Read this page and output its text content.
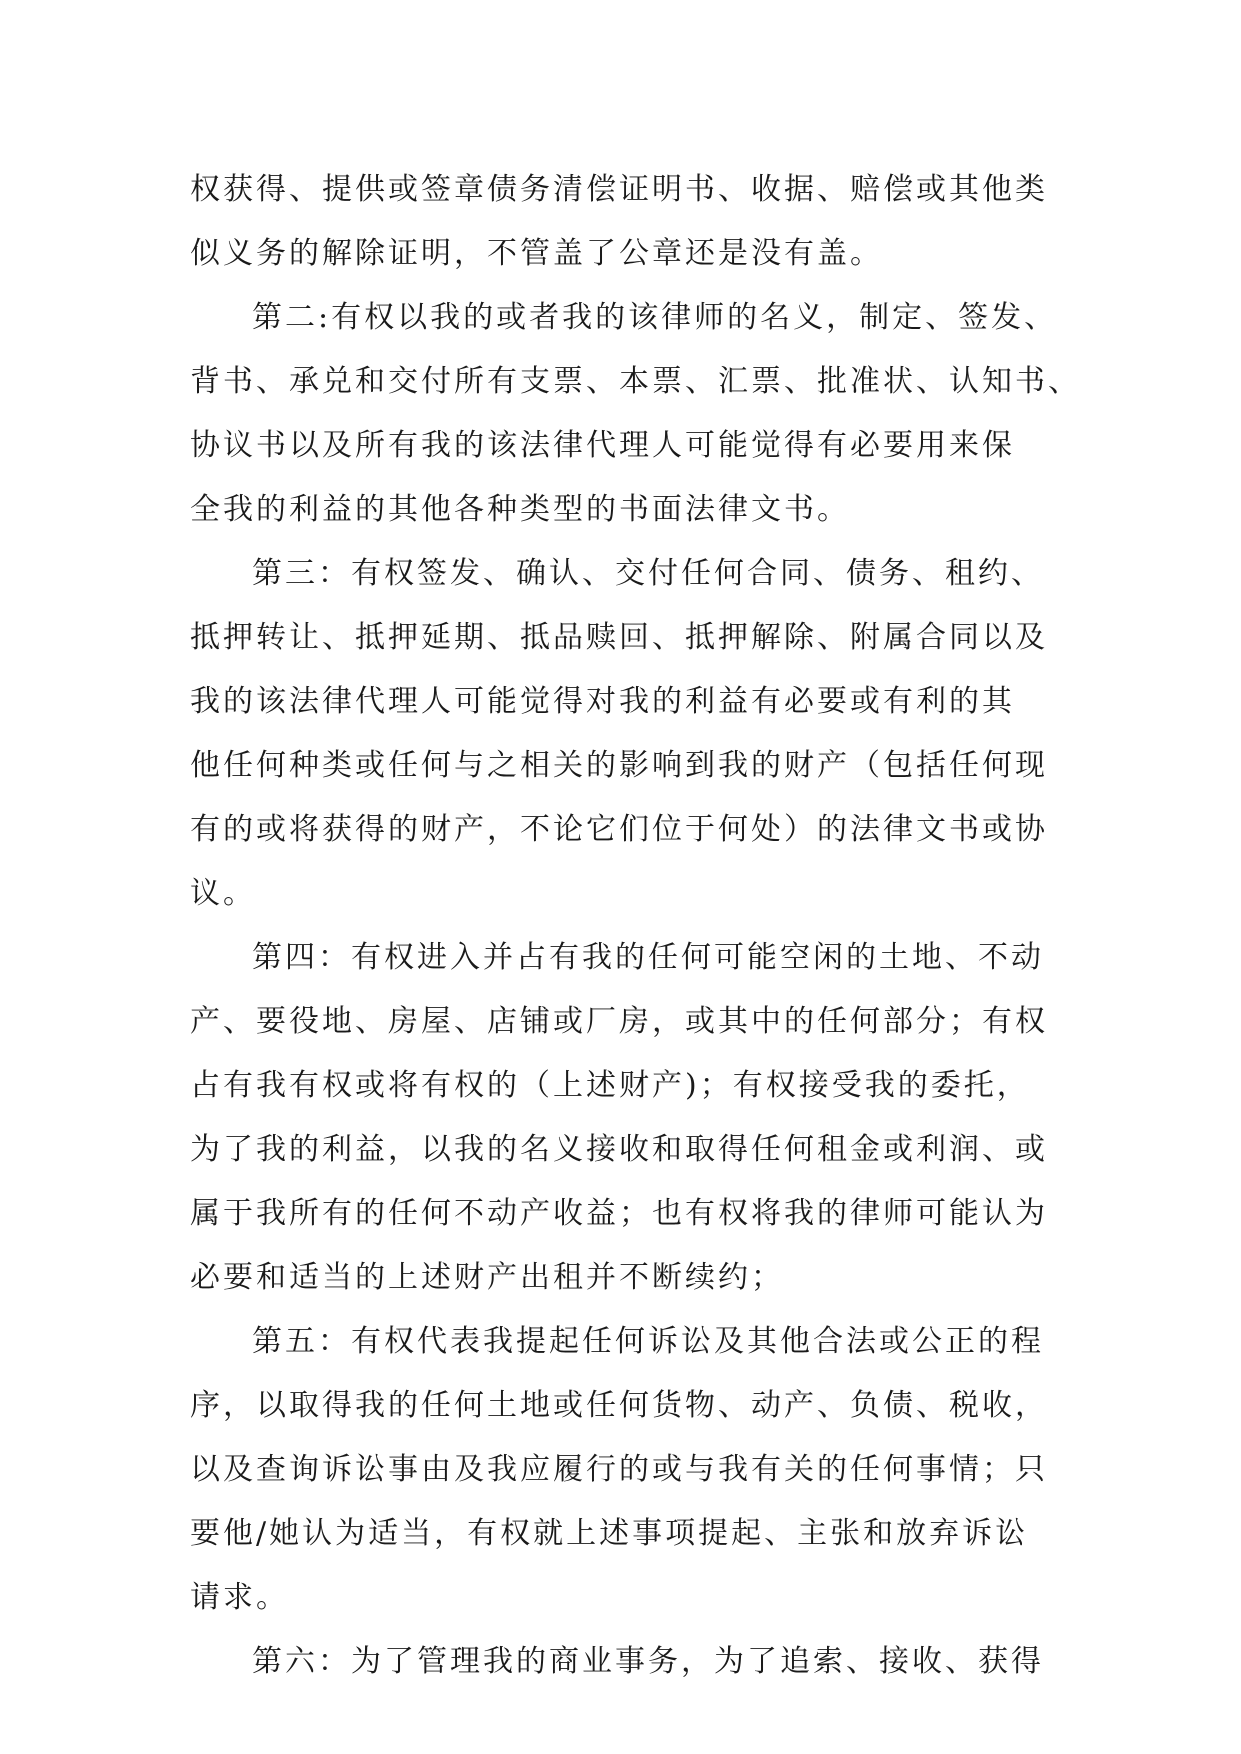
权获得、提供或签章债务清偿证明书、收据、赔偿或其他类
似义务的解除证明，不管盖了公章还是没有盖。
第二:有权以我的或者我的该律师的名义，制定、签发、
背书、承兑和交付所有支票、本票、汇票、批准状、认知书、
协议书以及所有我的该法律代理人可能觉得有必要用来保
全我的利益的其他各种类型的书面法律文书。
第三：有权签发、确认、交付任何合同、债务、租约、
抵押转让、抵押延期、抵品赎回、抵押解除、附属合同以及
我的该法律代理人可能觉得对我的利益有必要或有利的其
他任何种类或任何与之相关的影响到我的财产（包括任何现
有的或将获得的财产，不论它们位于何处）的法律文书或协
议。
第四：有权进入并占有我的任何可能空闲的土地、不动
产、要役地、房屋、店铺或厂房，或其中的任何部分；有权
占有我有权或将有权的（上述财产)；有权接受我的委托，
为了我的利益，以我的名义接收和取得任何租金或利润、或
属于我所有的任何不动产收益；也有权将我的律师可能认为
必要和适当的上述财产出租并不断续约；
第五：有权代表我提起任何诉讼及其他合法或公正的程
序，以取得我的任何土地或任何货物、动产、负债、税收，
以及查询诉讼事由及我应履行的或与我有关的任何事情；只
要他/她认为适当，有权就上述事项提起、主张和放弃诉讼
请求。
第六：为了管理我的商业事务，为了追索、接收、获得
